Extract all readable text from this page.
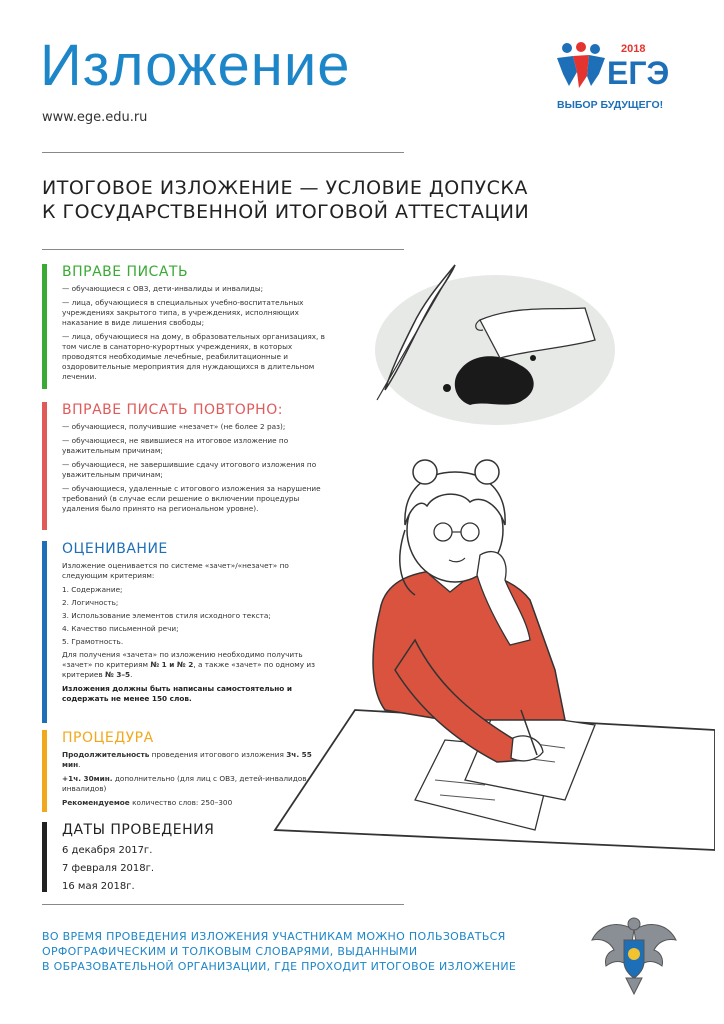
Изложение
www.ege.edu.ru
2018
ЕГЭ
ВЫБОР БУДУЩЕГО!
ИТОГОВОЕ ИЗЛОЖЕНИЕ — УСЛОВИЕ ДОПУСКА
К ГОСУДАРСТВЕННОЙ ИТОГОВОЙ АТТЕСТАЦИИ
ВПРАВЕ ПИСАТЬ

— обучающиеся с ОВЗ, дети-инвалиды и инвалиды;

— лица, обучающиеся в специальных учебно-воспитательных учреждениях закрытого типа, в учреждениях, исполняющих наказание в виде лишения свободы;

— лица, обучающиеся на дому, в образовательных организациях, в том числе в санаторно-курортных учреждениях, в которых проводятся необходимые лечебные, реабилитационные и оздоровительные мероприятия для нуждающихся в длительном лечении.

ВПРАВЕ ПИСАТЬ ПОВТОРНО:

— обучающиеся, получившие «незачет» (не более 2 раз);

— обучающиеся, не явившиеся на итоговое изложение по уважительным причинам;

— обучающиеся, не завершившие сдачу итогового изложения по уважительным причинам;

— обучающиеся, удаленные с итогового изложения за нарушение требований (в случае если решение о включении процедуры удаления было принято на региональном уровне).

ОЦЕНИВАНИЕ

Изложение оценивается по системе «зачет»/«незачет» по следующим критериям:

1. Содержание;

2. Логичность;

3. Использование элементов стиля исходного текста;

4. Качество письменной речи;

5. Грамотность.

Для получения «зачета» по изложению необходимо получить «зачет» по критериям № 1 и № 2, а также «зачет» по одному из критериев № 3–5.

Изложения должны быть написаны самостоятельно и содержать не менее 150 слов.

ПРОЦЕДУРА

Продолжительность проведения итогового изложения 3ч. 55 мин.

+1ч. 30мин. дополнительно (для лиц с ОВЗ, детей-инвалидов, инвалидов)

Рекомендуемое количество слов: 250–300

ДАТЫ ПРОВЕДЕНИЯ
6 декабря 2017г.
7 февраля 2018г.
16 мая 2018г.
ВО ВРЕМЯ ПРОВЕДЕНИЯ ИЗЛОЖЕНИЯ УЧАСТНИКАМ МОЖНО ПОЛЬЗОВАТЬСЯ
ОРФОГРАФИЧЕСКИМ И ТОЛКОВЫМ СЛОВАРЯМИ, ВЫДАННЫМИ
В ОБРАЗОВАТЕЛЬНОЙ ОРГАНИЗАЦИИ, ГДЕ ПРОХОДИТ ИТОГОВОЕ ИЗЛОЖЕНИЕ
